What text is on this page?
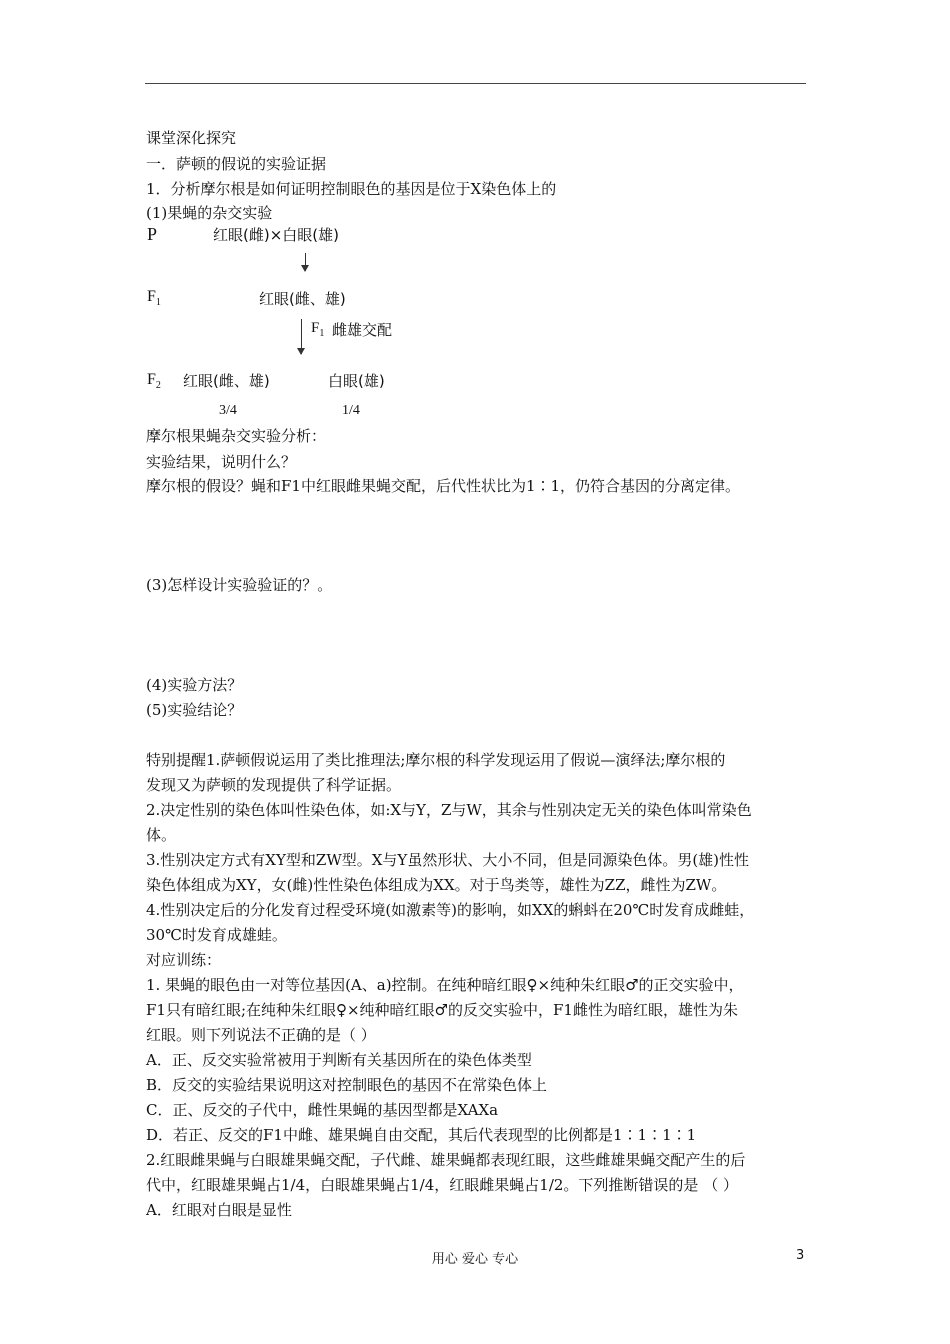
课堂深化探究
一．萨顿的假说的实验证据
1．分析摩尔根是如何证明控制眼色的基因是位于X染色体上的
(1)果蝇的杂交实验
P	红眼(雌)×白眼(雄)
$F_1$	红眼(雌、雄)
$F_1$ 雌雄交配
$F_2$ 红眼(雌、雄)	白眼(雄)
3/4	1/4
摩尔根果蝇杂交实验分析：
实验结果，说明什么？
摩尔根的假设？蝇和F1中红眼雌果蝇交配，后代性状比为1∶1，仍符合基因的分离定律。
(3)怎样设计实验验证的？。
(4)实验方法？
(5)实验结论？
特别提醒1.萨顿假说运用了类比推理法;摩尔根的科学发现运用了假说—演绎法;摩尔根的
发现又为萨顿的发现提供了科学证据。
2.决定性别的染色体叫性染色体，如:X与Y，Z与W，其余与性别决定无关的染色体叫常染色
体。
3.性别决定方式有XY型和ZW型。X与Y虽然形状、大小不同，但是同源染色体。男(雄)性性
染色体组成为XY，女(雌)性性染色体组成为XX。对于鸟类等，雄性为ZZ，雌性为ZW。
4.性别决定后的分化发育过程受环境(如激素等)的影响，如XX的蝌蚪在20℃时发育成雌蛙，
30℃时发育成雄蛙。
对应训练：
1. 果蝇的眼色由一对等位基因(A、a)控制。在纯种暗红眼♀×纯种朱红眼♂的正交实验中，
F1只有暗红眼;在纯种朱红眼♀×纯种暗红眼♂的反交实验中，F1雌性为暗红眼，雄性为朱
红眼。则下列说法不正确的是（ ）
A．正、反交实验常被用于判断有关基因所在的染色体类型
B．反交的实验结果说明这对控制眼色的基因不在常染色体上
C．正、反交的子代中，雌性果蝇的基因型都是XAXa
D．若正、反交的F1中雌、雄果蝇自由交配，其后代表现型的比例都是1∶1∶1∶1
2.红眼雌果蝇与白眼雄果蝇交配，子代雌、雄果蝇都表现红眼，这些雌雄果蝇交配产生的后
代中，红眼雄果蝇占1/4，白眼雄果蝇占1/4，红眼雌果蝇占1/2。下列推断错误的是 （ ）
A．红眼对白眼是显性
用心 爱心 专心	3
